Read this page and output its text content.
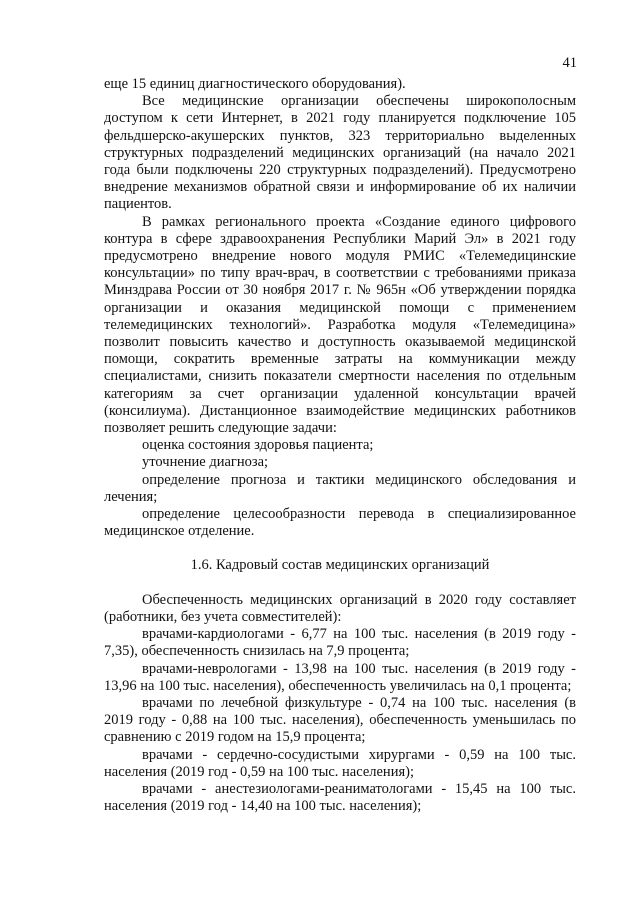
41

еще 15 единиц диагностического оборудования).

Все медицинские организации обеспечены широкополосным доступом к сети Интернет, в 2021 году планируется подключение 105 фельдшерско-акушерских пунктов, 323 территориально выделенных структурных подразделений медицинских организаций (на начало 2021 года были подключены 220 структурных подразделений). Предусмотрено внедрение механизмов обратной связи и информирование об их наличии пациентов.

В рамках регионального проекта «Создание единого цифрового контура в сфере здравоохранения Республики Марий Эл» в 2021 году предусмотрено внедрение нового модуля РМИС «Телемедицинские консультации» по типу врач-врач, в соответствии с требованиями приказа Минздрава России от 30 ноября 2017 г. № 965н «Об утверждении порядка организации и оказания медицинской помощи с применением телемедицинских технологий». Разработка модуля «Телемедицина» позволит повысить качество и доступность оказываемой медицинской помощи, сократить временные затраты на коммуникации между специалистами, снизить показатели смертности населения по отдельным категориям за счет организации удаленной консультации врачей (консилиума). Дистанционное взаимодействие медицинских работников позволяет решить следующие задачи:

оценка состояния здоровья пациента;

уточнение диагноза;

определение прогноза и тактики медицинского обследования и лечения;

определение целесообразности перевода в специализированное медицинское отделение.

1.6. Кадровый состав медицинских организаций

Обеспеченность медицинских организаций в 2020 году составляет (работники, без учета совместителей):

врачами-кардиологами - 6,77 на 100 тыс. населения (в 2019 году - 7,35), обеспеченность снизилась на 7,9 процента;

врачами-неврологами - 13,98 на 100 тыс. населения (в 2019 году - 13,96 на 100 тыс. населения), обеспеченность увеличилась на 0,1 процента;

врачами по лечебной физкультуре - 0,74 на 100 тыс. населения (в 2019 году - 0,88 на 100 тыс. населения), обеспеченность уменьшилась по сравнению с 2019 годом на 15,9 процента;

врачами - сердечно-сосудистыми хирургами - 0,59 на 100 тыс. населения (2019 год - 0,59 на 100 тыс. населения);

врачами - анестезиологами-реаниматологами - 15,45 на 100 тыс. населения (2019 год - 14,40 на 100 тыс. населения);
